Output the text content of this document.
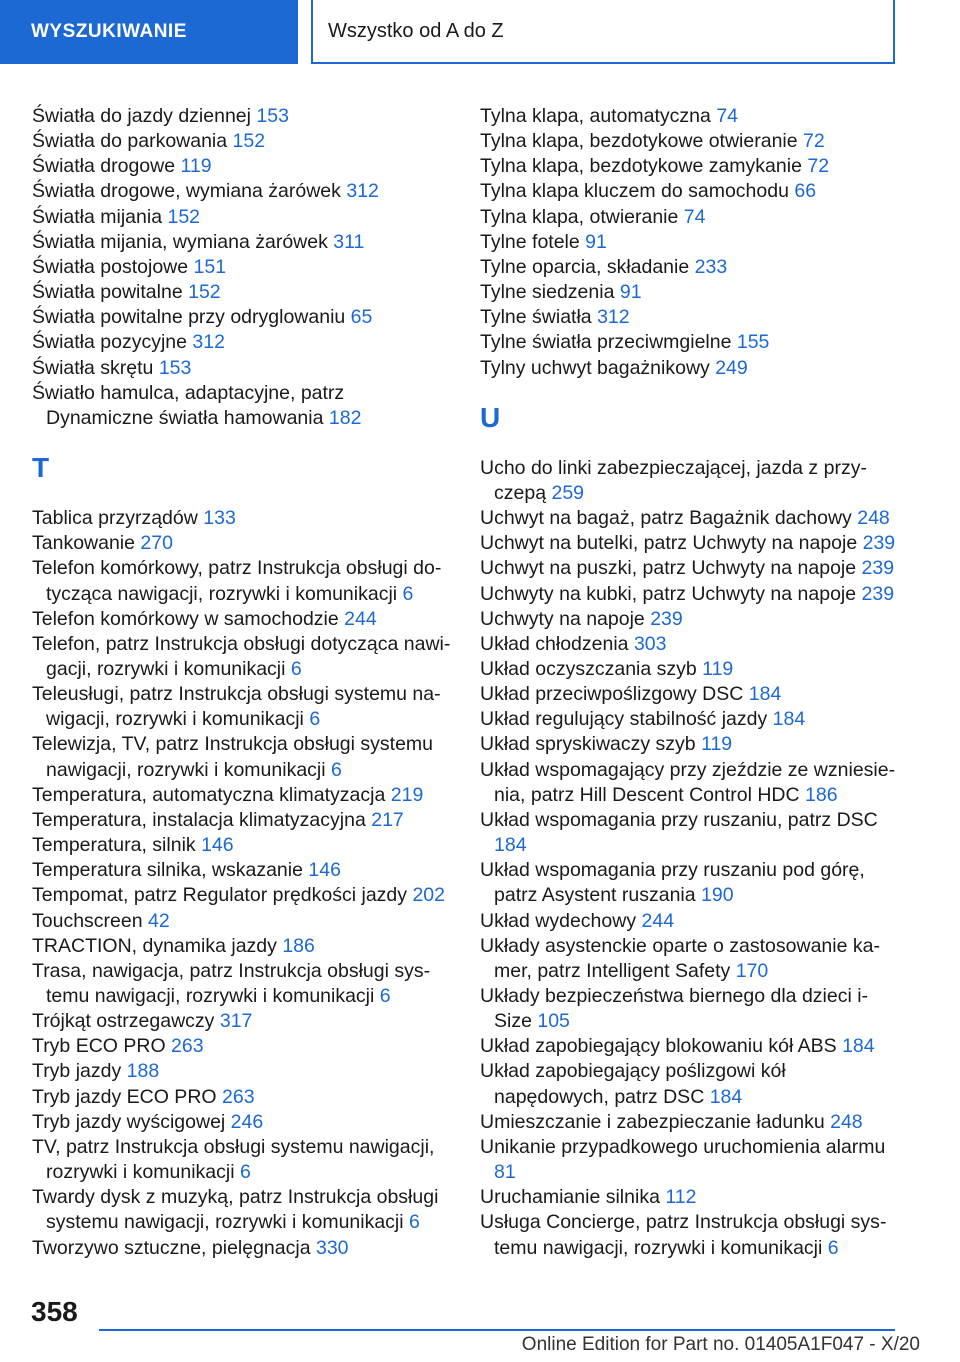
WYSZUKIWANIE	Wszystko od A do Z
Światła do jazdy dziennej 153
Światła do parkowania 152
Światła drogowe 119
Światła drogowe, wymiana żarówek 312
Światła mijania 152
Światła mijania, wymiana żarówek 311
Światła postojowe 151
Światła powitalne 152
Światła powitalne przy odryglowaniu 65
Światła pozycyjne 312
Światła skrętu 153
Światło hamulca, adaptacyjne, patrz Dynamiczne światła hamowania 182
T
Tablica przyrządów 133
Tankowanie 270
Telefon komórkowy, patrz Instrukcja obsługi dotycząca nawigacji, rozrywki i komunikacji 6
Telefon komórkowy w samochodzie 244
Telefon, patrz Instrukcja obsługi dotycząca nawigacji, rozrywki i komunikacji 6
Teleusługi, patrz Instrukcja obsługi systemu nawigacji, rozrywki i komunikacji 6
Telewizja, TV, patrz Instrukcja obsługi systemu nawigacji, rozrywki i komunikacji 6
Temperatura, automatyczna klimatyzacja 219
Temperatura, instalacja klimatyzacyjna 217
Temperatura, silnik 146
Temperatura silnika, wskazanie 146
Tempomat, patrz Regulator prędkości jazdy 202
Touchscreen 42
TRACTION, dynamika jazdy 186
Trasa, nawigacja, patrz Instrukcja obsługi systemu nawigacji, rozrywki i komunikacji 6
Trójkąt ostrzegawczy 317
Tryb ECO PRO 263
Tryb jazdy 188
Tryb jazdy ECO PRO 263
Tryb jazdy wyścigowej 246
TV, patrz Instrukcja obsługi systemu nawigacji, rozrywki i komunikacji 6
Twardy dysk z muzyką, patrz Instrukcja obsługi systemu nawigacji, rozrywki i komunikacji 6
Tworzywo sztuczne, pielęgnacja 330
Tylna klapa, automatyczna 74
Tylna klapa, bezdotykowe otwieranie 72
Tylna klapa, bezdotykowe zamykanie 72
Tylna klapa kluczem do samochodu 66
Tylna klapa, otwieranie 74
Tylne fotele 91
Tylne oparcia, składanie 233
Tylne siedzenia 91
Tylne światła 312
Tylne światła przeciwmgielne 155
Tylny uchwyt bagażnikowy 249
U
Ucho do linki zabezpieczającej, jazda z przyczepą 259
Uchwyt na bagaż, patrz Bagażnik dachowy 248
Uchwyt na butelki, patrz Uchwyty na napoje 239
Uchwyt na puszki, patrz Uchwyty na napoje 239
Uchwyty na kubki, patrz Uchwyty na napoje 239
Uchwyty na napoje 239
Układ chłodzenia 303
Układ oczyszczania szyb 119
Układ przeciwpoślizgowy DSC 184
Układ regulujący stabilność jazdy 184
Układ spryskiwaczy szyb 119
Układ wspomagający przy zjeździe ze wzniesienia, patrz Hill Descent Control HDC 186
Układ wspomagania przy ruszaniu, patrz DSC 184
Układ wspomagania przy ruszaniu pod górę, patrz Asystent ruszania 190
Układ wydechowy 244
Układy asystenckie oparte o zastosowanie kamer, patrz Intelligent Safety 170
Układy bezpieczeństwa biernego dla dzieci i-Size 105
Układ zapobiegający blokowaniu kół ABS 184
Układ zapobiegający poślizgowi kół napędowych, patrz DSC 184
Umieszczanie i zabezpieczanie ładunku 248
Unikanie przypadkowego uruchomienia alarmu 81
Uruchamianie silnika 112
Usługa Concierge, patrz Instrukcja obsługi systemu nawigacji, rozrywki i komunikacji 6
358
Online Edition for Part no. 01405A1F047 - X/20
